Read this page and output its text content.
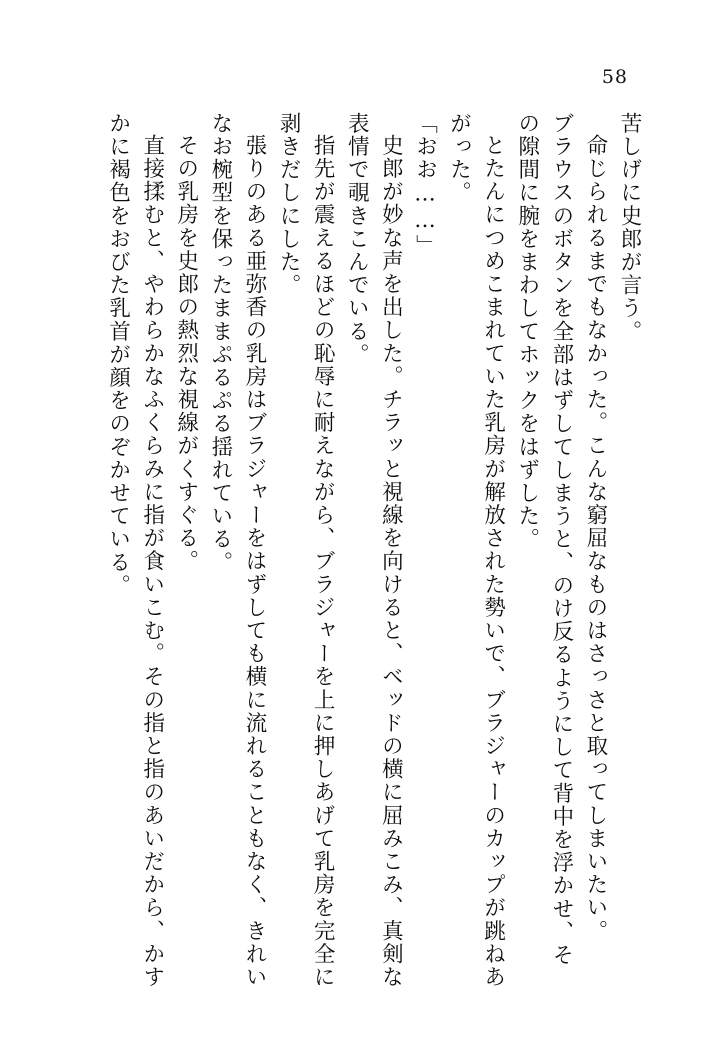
58
苦しげに史郎が言う。
命じられるまでもなかった。こんな窮屈なものはさっさと取ってしまいたい。
ブラウスのボタンを全部はずしてしまうと、のけ反るようにして背中を浮かせ、そ
の隙間に腕をまわしてホックをはずした。
とたんにつめこまれていた乳房が解放された勢いで、ブラジャーのカップが跳ねあ
がった。
「おお……」
史郎が妙な声を出した。チラッと視線を向けると、ベッドの横に屈みこみ、真剣な
表情で覗きこんでいる。
指先が震えるほどの恥辱に耐えながら、ブラジャーを上に押しあげて乳房を完全に
剥きだしにした。
張りのある亜弥香の乳房はブラジャーをはずしても横に流れることもなく、きれい
なお椀型を保ったままぷるぷる揺れている。
その乳房を史郎の熱烈な視線がくすぐる。
直接揉むと、やわらかなふくらみに指が食いこむ。その指と指のあいだから、かす
かに褐色をおびた乳首が顔をのぞかせている。
